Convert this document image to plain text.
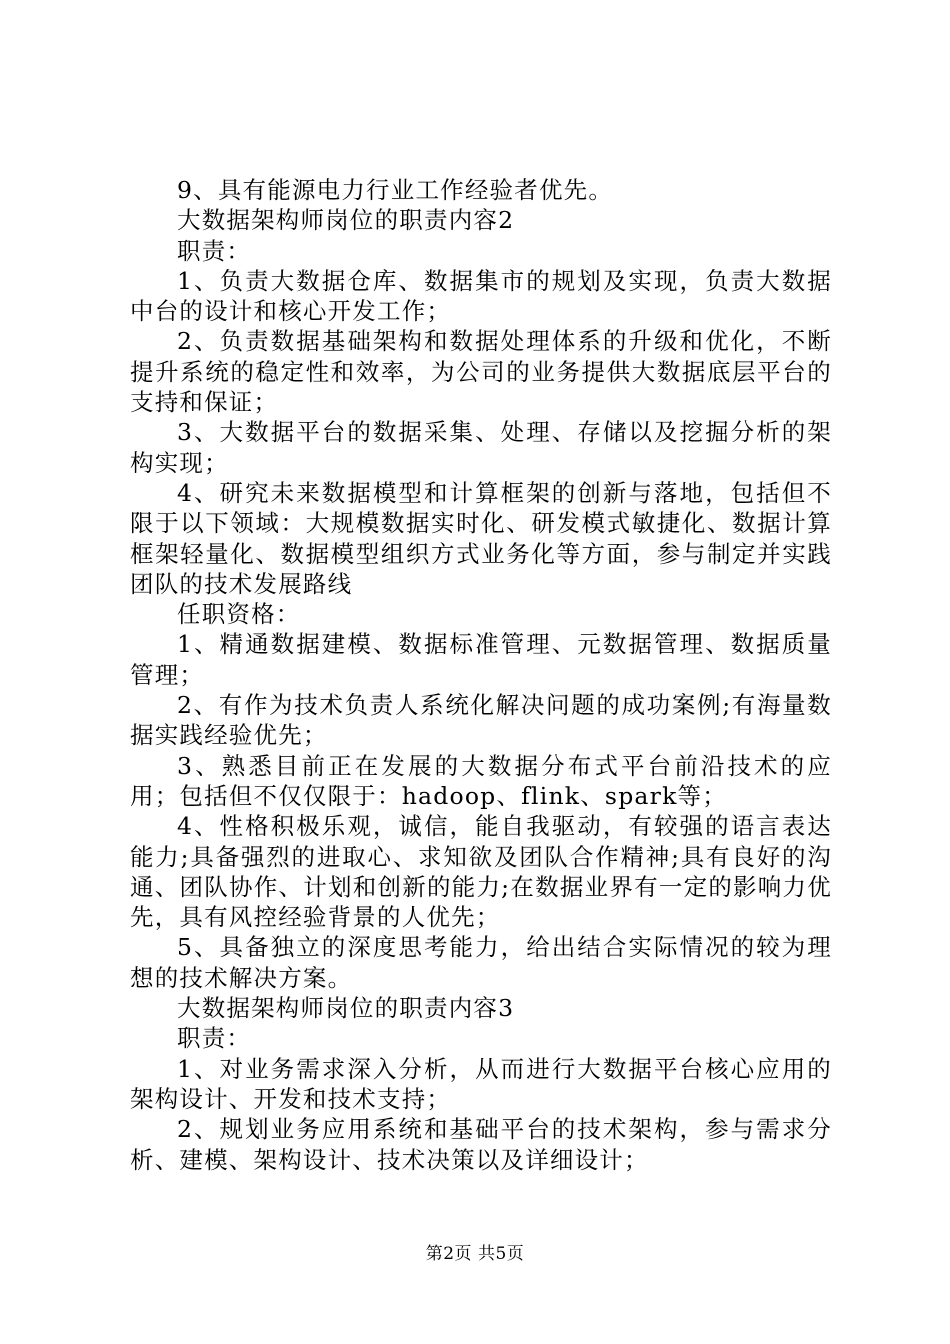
9、具有能源电力行业工作经验者优先。

大数据架构师岗位的职责内容2

职责：

1、负责大数据仓库、数据集市的规划及实现，负责大数据中台的设计和核心开发工作；

2、负责数据基础架构和数据处理体系的升级和优化，不断提升系统的稳定性和效率，为公司的业务提供大数据底层平台的支持和保证；

3、大数据平台的数据采集、处理、存储以及挖掘分析的架构实现；

4、研究未来数据模型和计算框架的创新与落地，包括但不限于以下领域：大规模数据实时化、研发模式敏捷化、数据计算框架轻量化、数据模型组织方式业务化等方面，参与制定并实践团队的技术发展路线

任职资格：

1、精通数据建模、数据标准管理、元数据管理、数据质量管理；

2、有作为技术负责人系统化解决问题的成功案例;有海量数据实践经验优先；

3、熟悉目前正在发展的大数据分布式平台前沿技术的应用；包括但不仅仅限于：hadoop、flink、spark等；

4、性格积极乐观，诚信，能自我驱动，有较强的语言表达能力;具备强烈的进取心、求知欲及团队合作精神;具有良好的沟通、团队协作、计划和创新的能力;在数据业界有一定的影响力优先，具有风控经验背景的人优先；

5、具备独立的深度思考能力，给出结合实际情况的较为理想的技术解决方案。

大数据架构师岗位的职责内容3

职责：

1、对业务需求深入分析，从而进行大数据平台核心应用的架构设计、开发和技术支持；

2、规划业务应用系统和基础平台的技术架构，参与需求分析、建模、架构设计、技术决策以及详细设计；

第2页 共5页
